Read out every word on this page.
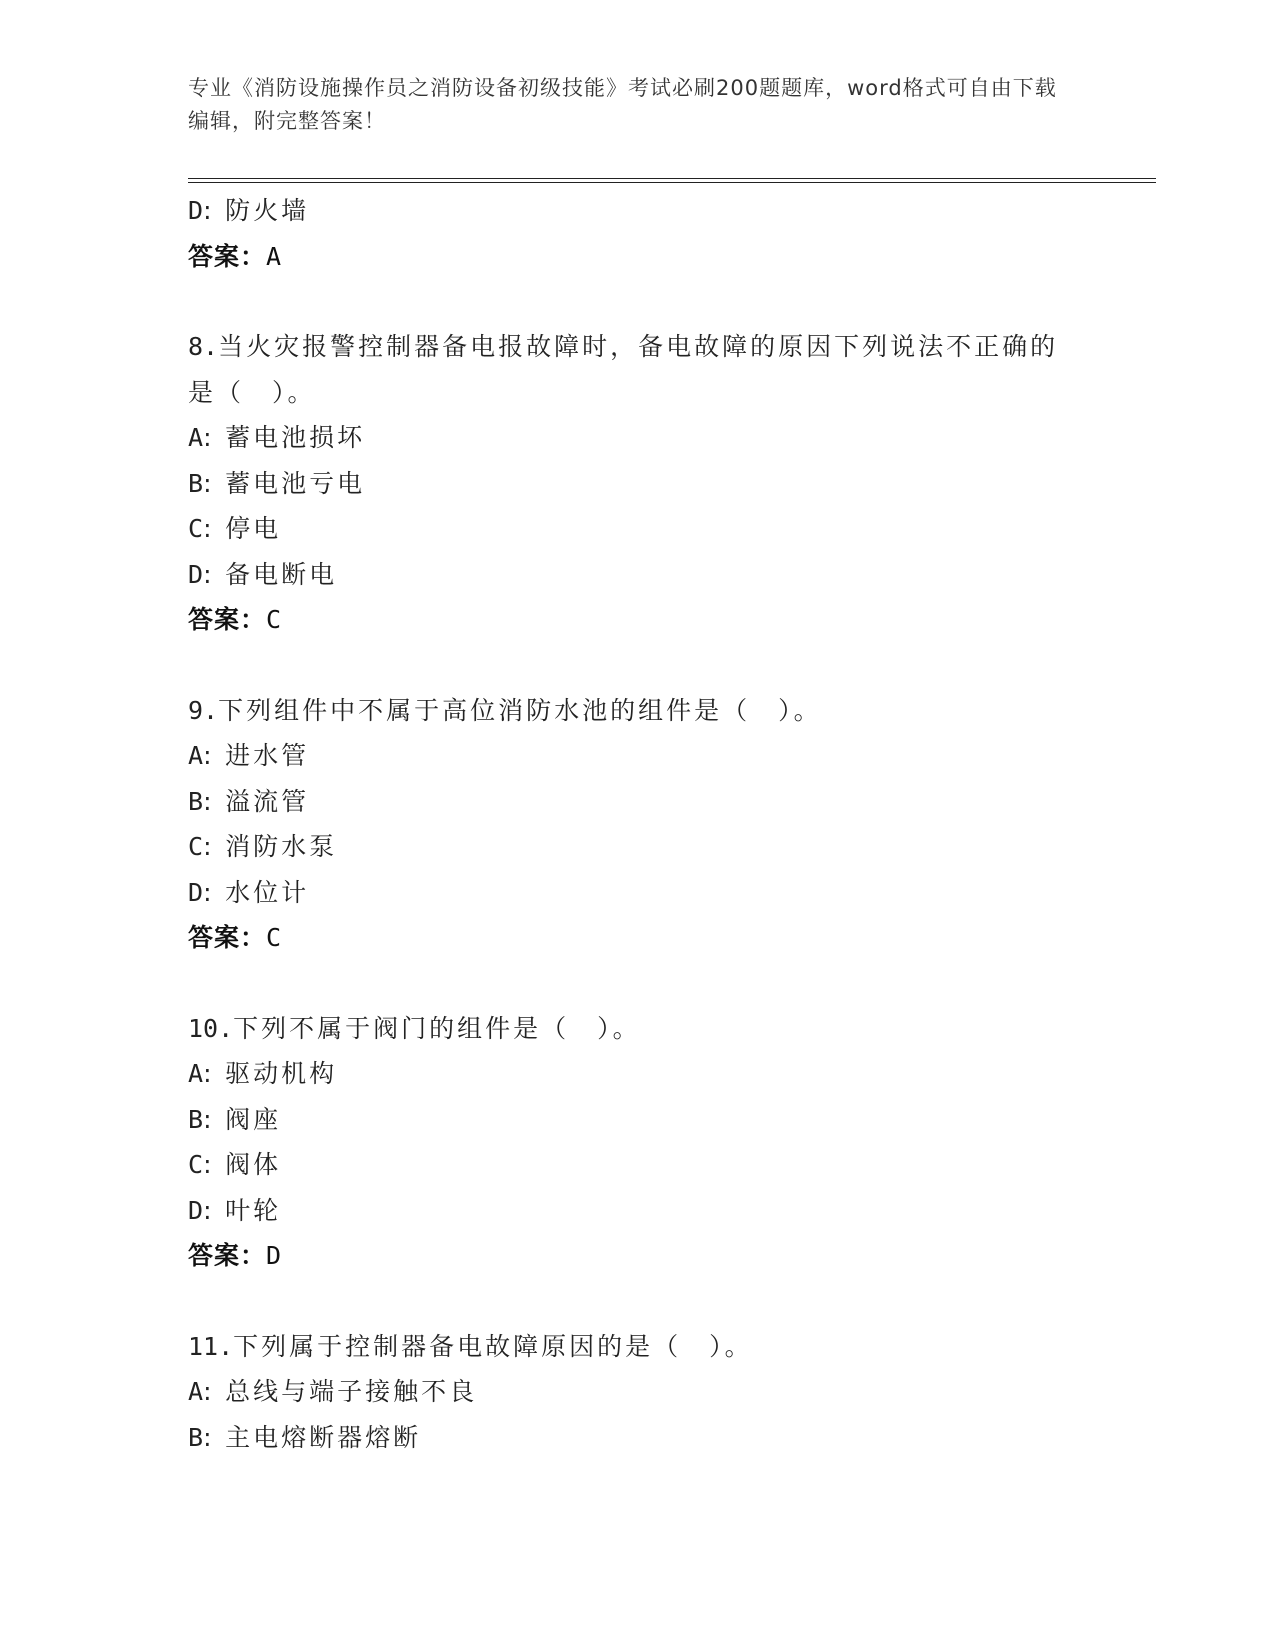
专业《消防设施操作员之消防设备初级技能》考试必刷200题题库，word格式可自由下载编辑，附完整答案！
D: 防火墙
答案：A
8.当火灾报警控制器备电报故障时，备电故障的原因下列说法不正确的是（　）。
A: 蓄电池损坏
B: 蓄电池亏电
C: 停电
D: 备电断电
答案：C
9.下列组件中不属于高位消防水池的组件是（　）。
A: 进水管
B: 溢流管
C: 消防水泵
D: 水位计
答案：C
10.下列不属于阀门的组件是（　）。
A: 驱动机构
B: 阀座
C: 阀体
D: 叶轮
答案：D
11.下列属于控制器备电故障原因的是（　）。
A: 总线与端子接触不良
B: 主电熔断器熔断
